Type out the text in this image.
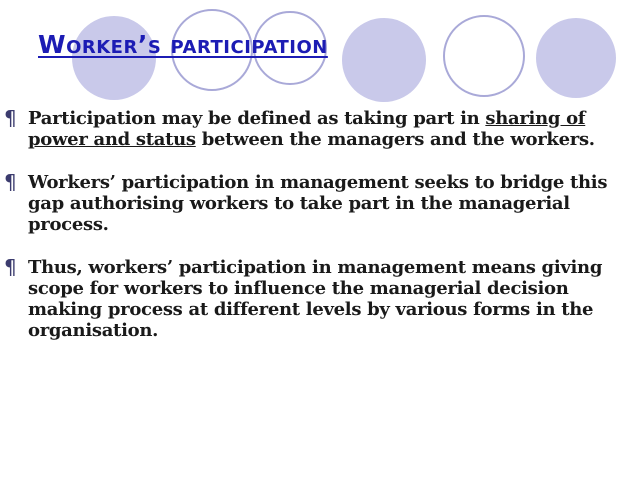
Worker’s participation
¶ Participation may be defined as taking part in sharing of power and status between the managers and the workers.
¶ Workers’ participation in management seeks to bridge this gap authorising workers to take part in the managerial process.
¶ Thus, workers’ participation in management means giving scope for workers to influence the managerial decision making process at different levels by various forms in the organisation.
